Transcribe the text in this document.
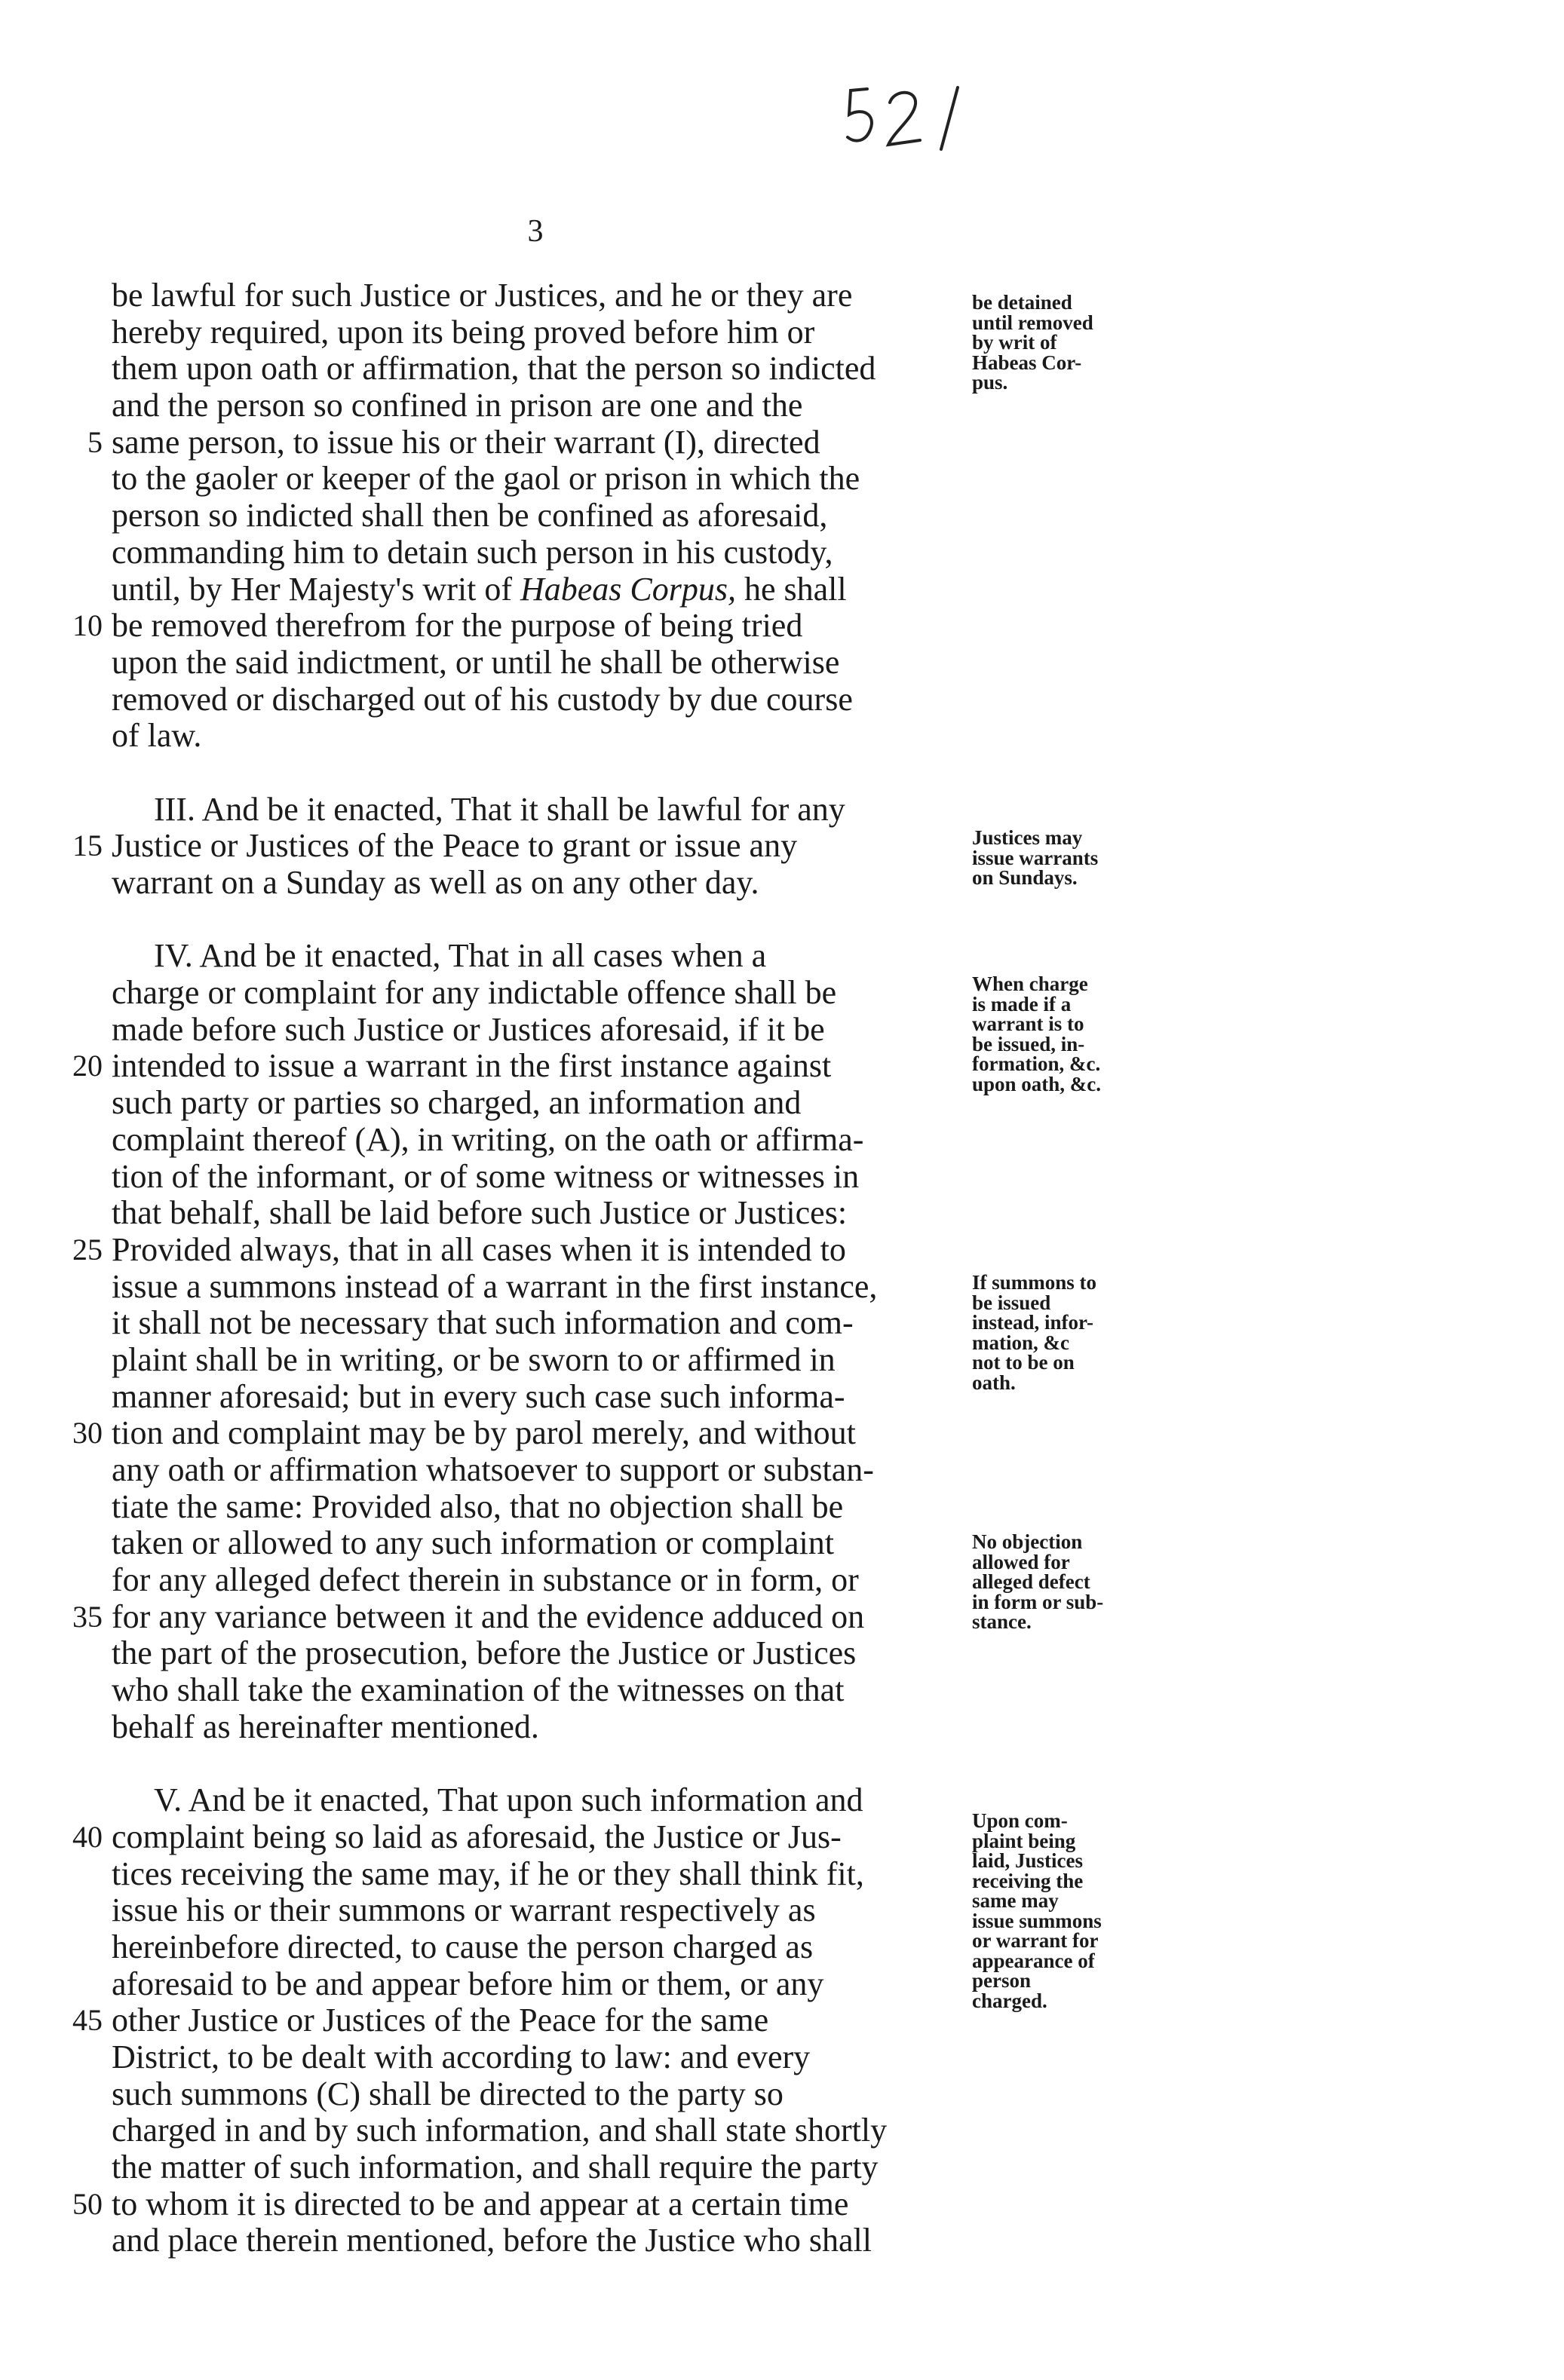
3
be lawful for such Justice or Justices, and he or they are
hereby required, upon its being proved before him or
them upon oath or affirmation, that the person so indicted
and the person so confined in prison are one and the
5 same person, to issue his or their warrant (I), directed
to the gaoler or keeper of the gaol or prison in which the
person so indicted shall then be confined as aforesaid,
commanding him to detain such person in his custody,
until, by Her Majesty's writ of Habeas Corpus, he shall
10 be removed therefrom for the purpose of being tried
upon the said indictment, or until he shall be otherwise
removed or discharged out of his custody by due course
of law.
III. And be it enacted, That it shall be lawful for any
15 Justice or Justices of the Peace to grant or issue any
warrant on a Sunday as well as on any other day.
IV. And be it enacted, That in all cases when a
charge or complaint for any indictable offence shall be
made before such Justice or Justices aforesaid, if it be
20 intended to issue a warrant in the first instance against
such party or parties so charged, an information and
complaint thereof (A), in writing, on the oath or affirma-
tion of the informant, or of some witness or witnesses in
that behalf, shall be laid before such Justice or Justices:
25 Provided always, that in all cases when it is intended to
issue a summons instead of a warrant in the first instance,
it shall not be necessary that such information and com-
plaint shall be in writing, or be sworn to or affirmed in
manner aforesaid; but in every such case such informa-
30 tion and complaint may be by parol merely, and without
any oath or affirmation whatsoever to support or substan-
tiate the same: Provided also, that no objection shall be
taken or allowed to any such information or complaint
for any alleged defect therein in substance or in form, or
35 for any variance between it and the evidence adduced on
the part of the prosecution, before the Justice or Justices
who shall take the examination of the witnesses on that
behalf as hereinafter mentioned.
V. And be it enacted, That upon such information and
40 complaint being so laid as aforesaid, the Justice or Jus-
tices receiving the same may, if he or they shall think fit,
issue his or their summons or warrant respectively as
hereinbefore directed, to cause the person charged as
aforesaid to be and appear before him or them, or any
45 other Justice or Justices of the Peace for the same
District, to be dealt with according to law: and every
such summons (C) shall be directed to the party so
charged in and by such information, and shall state shortly
the matter of such information, and shall require the party
50 to whom it is directed to be and appear at a certain time
and place therein mentioned, before the Justice who shall
be detained
until removed
by writ of
Habeas Cor-
pus.
Justices may
issue warrants
on Sundays.
When charge
is made if a
warrant is to
be issued, in-
formation, &c.
upon oath, &c.
If summons to
be issued
instead, infor-
mation, &c
not to be on
oath.
No objection
allowed for
alleged defect
in form or sub-
stance.
Upon com-
plaint being
laid, Justices
receiving the
same may
issue summons
or warrant for
appearance of
person
charged.
